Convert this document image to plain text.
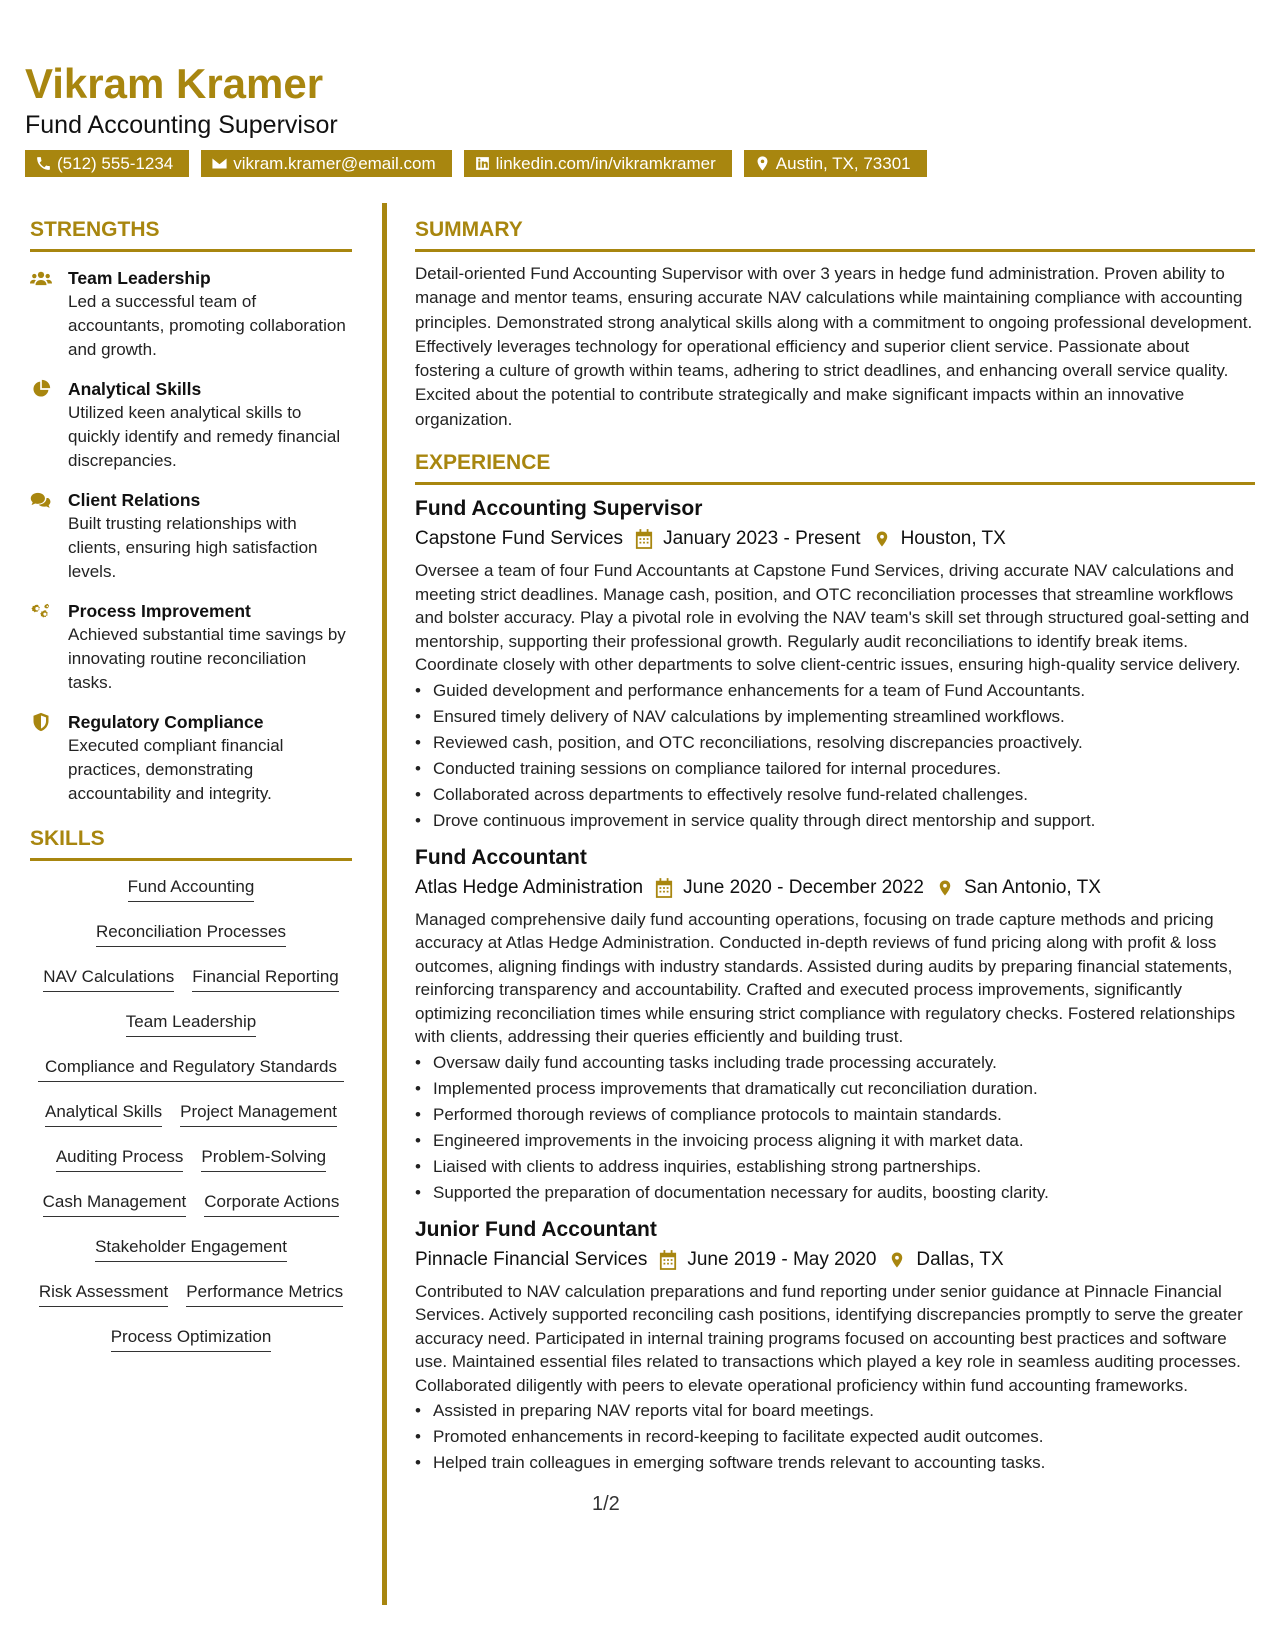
Vikram Kramer
Fund Accounting Supervisor
(512) 555-1234	vikram.kramer@email.com	linkedin.com/in/vikramkramer	Austin, TX, 73301
STRENGTHS
Team Leadership
Led a successful team of accountants, promoting collaboration and growth.
Analytical Skills
Utilized keen analytical skills to quickly identify and remedy financial discrepancies.
Client Relations
Built trusting relationships with clients, ensuring high satisfaction levels.
Process Improvement
Achieved substantial time savings by innovating routine reconciliation tasks.
Regulatory Compliance
Executed compliant financial practices, demonstrating accountability and integrity.
SKILLS
Fund Accounting
Reconciliation Processes
NAV Calculations Financial Reporting
Team Leadership
Compliance and Regulatory Standards
Analytical Skills Project Management
Auditing Process Problem-Solving
Cash Management Corporate Actions
Stakeholder Engagement
Risk Assessment Performance Metrics
Process Optimization
SUMMARY
Detail-oriented Fund Accounting Supervisor with over 3 years in hedge fund administration. Proven ability to manage and mentor teams, ensuring accurate NAV calculations while maintaining compliance with accounting principles. Demonstrated strong analytical skills along with a commitment to ongoing professional development. Effectively leverages technology for operational efficiency and superior client service. Passionate about fostering a culture of growth within teams, adhering to strict deadlines, and enhancing overall service quality. Excited about the potential to contribute strategically and make significant impacts within an innovative organization.
EXPERIENCE
Fund Accounting Supervisor
Capstone Fund Services January 2023 - Present Houston, TX
Oversee a team of four Fund Accountants at Capstone Fund Services, driving accurate NAV calculations and meeting strict deadlines. Manage cash, position, and OTC reconciliation processes that streamline workflows and bolster accuracy. Play a pivotal role in evolving the NAV team's skill set through structured goal-setting and mentorship, supporting their professional growth. Regularly audit reconciliations to identify break items. Coordinate closely with other departments to solve client-centric issues, ensuring high-quality service delivery.
• Guided development and performance enhancements for a team of Fund Accountants.
• Ensured timely delivery of NAV calculations by implementing streamlined workflows.
• Reviewed cash, position, and OTC reconciliations, resolving discrepancies proactively.
• Conducted training sessions on compliance tailored for internal procedures.
• Collaborated across departments to effectively resolve fund-related challenges.
• Drove continuous improvement in service quality through direct mentorship and support.
Fund Accountant
Atlas Hedge Administration June 2020 - December 2022 San Antonio, TX
Managed comprehensive daily fund accounting operations, focusing on trade capture methods and pricing accuracy at Atlas Hedge Administration. Conducted in-depth reviews of fund pricing along with profit & loss outcomes, aligning findings with industry standards. Assisted during audits by preparing financial statements, reinforcing transparency and accountability. Crafted and executed process improvements, significantly optimizing reconciliation times while ensuring strict compliance with regulatory checks. Fostered relationships with clients, addressing their queries efficiently and building trust.
• Oversaw daily fund accounting tasks including trade processing accurately.
• Implemented process improvements that dramatically cut reconciliation duration.
• Performed thorough reviews of compliance protocols to maintain standards.
• Engineered improvements in the invoicing process aligning it with market data.
• Liaised with clients to address inquiries, establishing strong partnerships.
• Supported the preparation of documentation necessary for audits, boosting clarity.
Junior Fund Accountant
Pinnacle Financial Services June 2019 - May 2020 Dallas, TX
Contributed to NAV calculation preparations and fund reporting under senior guidance at Pinnacle Financial Services. Actively supported reconciling cash positions, identifying discrepancies promptly to serve the greater accuracy need. Participated in internal training programs focused on accounting best practices and software use. Maintained essential files related to transactions which played a key role in seamless auditing processes. Collaborated diligently with peers to elevate operational proficiency within fund accounting frameworks.
• Assisted in preparing NAV reports vital for board meetings.
• Promoted enhancements in record-keeping to facilitate expected audit outcomes.
• Helped train colleagues in emerging software trends relevant to accounting tasks.
1/2
